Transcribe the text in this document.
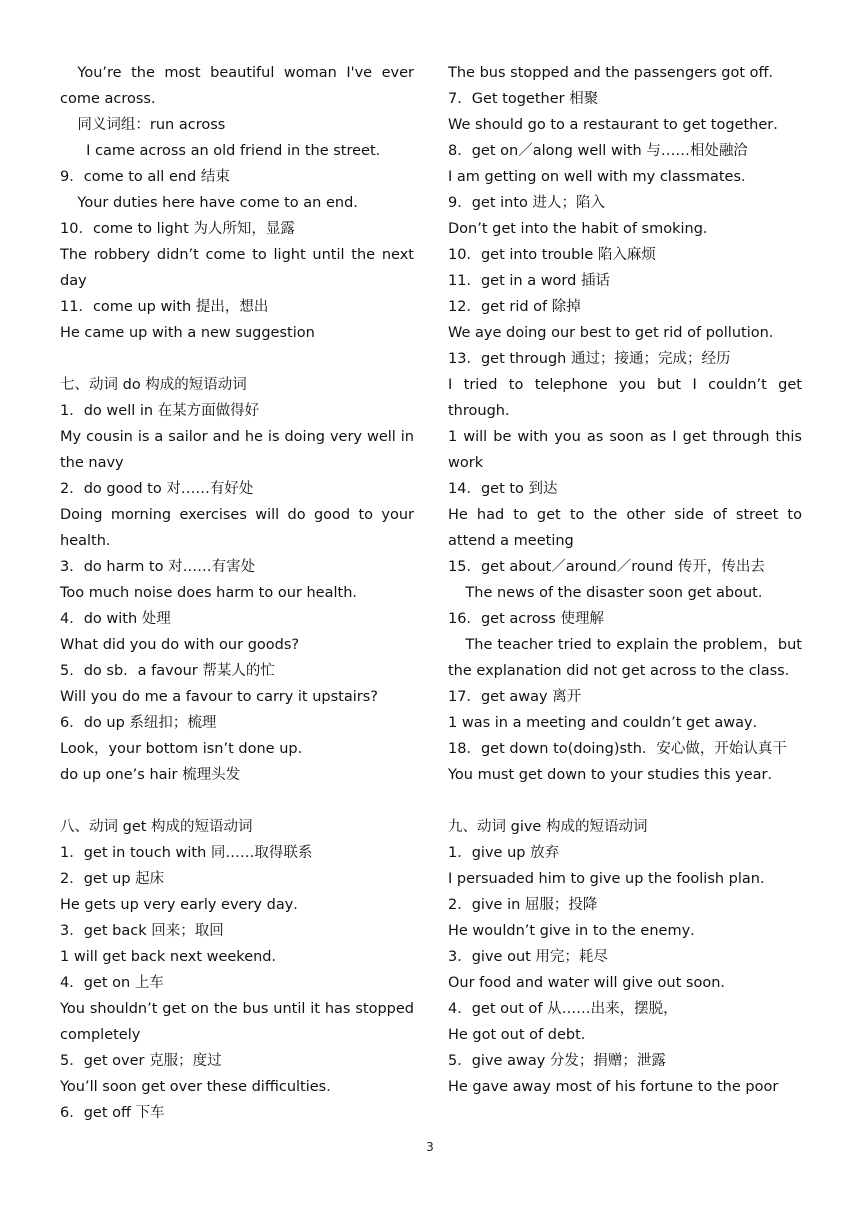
You’re the most beautiful woman I've ever come across．

同义词组：run across

I came across an old friend in the street．

9．come to all end 结束

Your duties here have come to an end．

10．come to light 为人所知，显露

The robbery didn’t come to light until the next day

11．come up with 提出，想出

He came up with a new suggestion

七、动词 do 构成的短语动词

1．do well in 在某方面做得好

My cousin is a sailor and he is doing very well in the navy

2．do good to 对……有好处

Doing morning exercises will do good to your health．

3．do harm to 对……有害处

Too much noise does harm to our health．

4．do with 处理

What did you do with our goods?

5．do sb．a favour 帮某人的忙

Will you do me a favour to carry it upstairs?

6．do up 系纽扣；梳理

Look，your bottom isn’t done up．

do up one’s hair 梳理头发

八、动词 get 构成的短语动词

1．get in touch with 同……取得联系

2．get up 起床

He gets up very early every day．

3．get back 回来；取回

1 will get back next weekend．

4．get on 上车

You shouldn’t get on the bus until it has stopped completely

5．get over 克服；度过

You’ll soon get over these difficulties．

6．get off 下车

The bus stopped and the passengers got off．

7．Get together 相聚

We should go to a restaurant to get together．

8．get on／along well with 与……相处融洽

I am getting on well with my classmates．

9．get into 进人；陷入

Don’t get into the habit of smoking．

10．get into trouble 陷入麻烦

11．get in a word 插话

12．get rid of 除掉

We aye doing our best to get rid of pollution．

13．get through 通过；接通；完成；经历

I tried to telephone you but I couldn’t get through．

1 will be with you as soon as I get through this work

14．get to 到达

He had to get to the other side of street to attend a meeting

15．get about／around／round 传开，传出去

The news of the disaster soon get about．

16．get across 使理解

The teacher tried to explain the problem，but the explanation did not get across to the class．

17．get away 离开

1 was in a meeting and couldn’t get away．

18．get down to(doing)sth．安心做，开始认真干

You must get down to your studies this year．

九、动词 give 构成的短语动词

1．give up 放弃

I persuaded him to give up the foolish plan．

2．give in 屈服；投降

He wouldn’t give in to the enemy．

3．give out 用完；耗尽

Our food and water will give out soon．

4．get out of 从……出来，摆脱，

He got out of debt．

5．give away 分发；捐赠；泄露

He gave away most of his fortune to the poor

3
